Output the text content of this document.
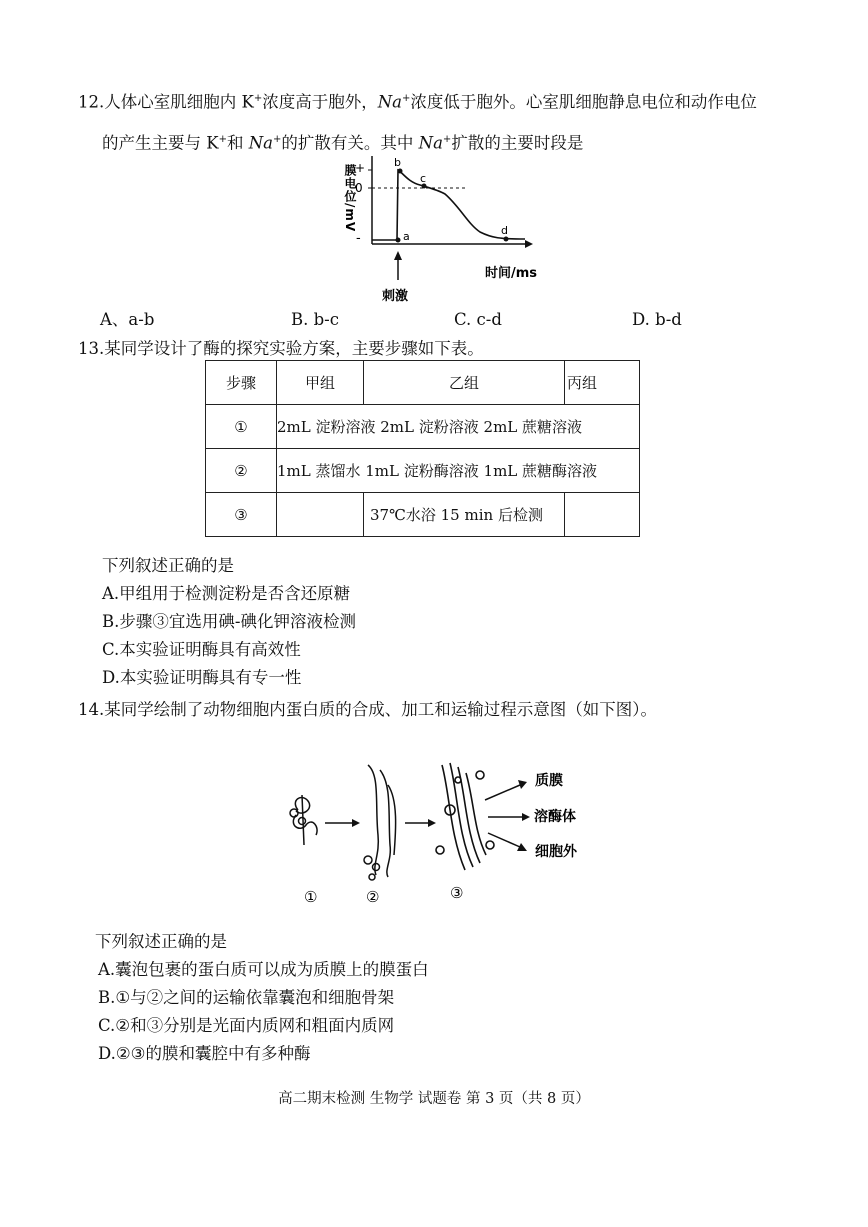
12.人体心室肌细胞内 K+浓度高于胞外，Na+浓度低于胞外。心室肌细胞静息电位和动作电位
的产生主要与 K+和 Na+的扩散有关。其中 Na+扩散的主要时段是
膜电位/mV
+
0
-	a
b
c
d
时间/ms
刺激
A、a-b	B. b-c	C. c-d	D. b-d
13.某同学设计了酶的探究实验方案，主要步骤如下表。
步骤	甲组	乙组	丙组
①	2mL 淀粉溶液 2mL 淀粉溶液 2mL 蔗糖溶液		
②	1mL 蒸馏水 1mL 淀粉酶溶液 1mL 蔗糖酶溶液		
③		37℃水浴 15 min 后检测	
下列叙述正确的是
A.甲组用于检测淀粉是否含还原糖
B.步骤③宜选用碘-碘化钾溶液检测
C.本实验证明酶具有高效性
D.本实验证明酶具有专一性
14.某同学绘制了动物细胞内蛋白质的合成、加工和运输过程示意图（如下图）。
质膜
溶酶体
细胞外
①	②	③
下列叙述正确的是
A.囊泡包裹的蛋白质可以成为质膜上的膜蛋白
B.①与②之间的运输依靠囊泡和细胞骨架
C.②和③分别是光面内质网和粗面内质网
D.②③的膜和囊腔中有多种酶
高二期末检测 生物学 试题卷 第 3 页（共 8 页）
